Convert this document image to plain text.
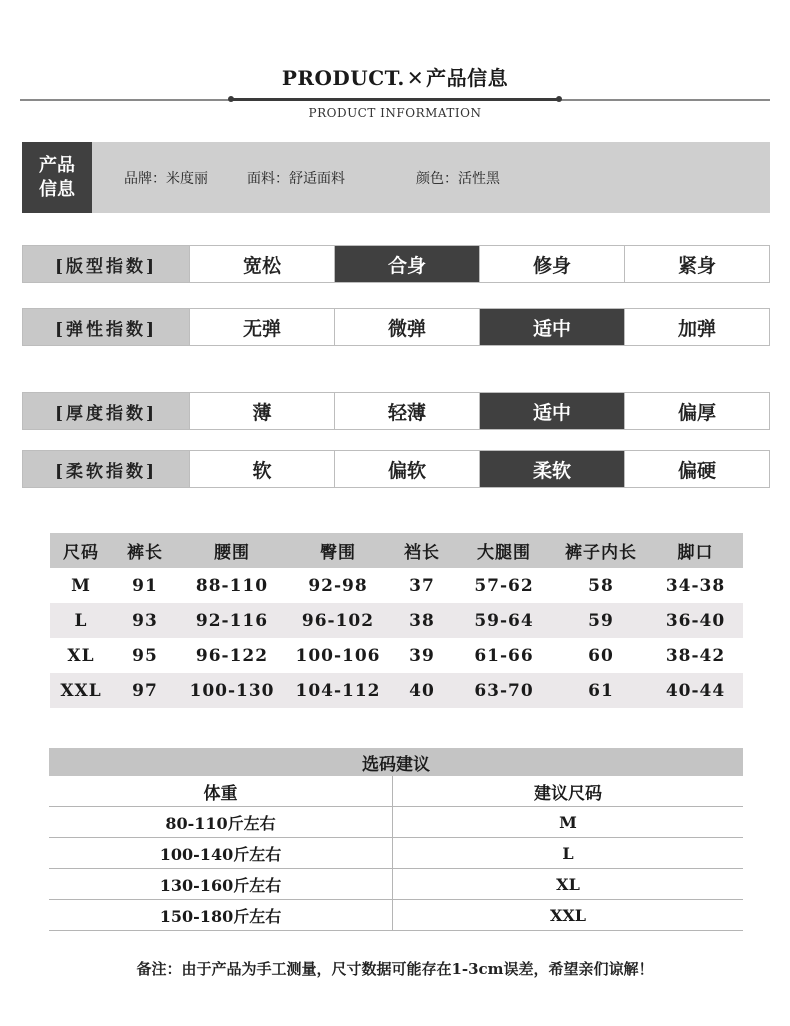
PRODUCT. ✕ 产品信息
PRODUCT INFORMATION
产品
信息	品牌：米度丽	面料：舒适面料	颜色：活性黑
[版型指数]	宽松	合身	修身	紧身
[弹性指数]	无弹	微弹	适中	加弹
[厚度指数]	薄	轻薄	适中	偏厚
[柔软指数]	软	偏软	柔软	偏硬
尺码	裤长	腰围	臀围	裆长	大腿围	裤子内长	脚口
M	91	88-110	92-98	37	57-62	58	34-38
L	93	92-116	96-102	38	59-64	59	36-40
XL	95	96-122	100-106	39	61-66	60	38-42
XXL	97	100-130	104-112	40	63-70	61	40-44
选码建议
体重	建议尺码
80-110斤左右	M
100-140斤左右	L
130-160斤左右	XL
150-180斤左右	XXL
备注：由于产品为手工测量，尺寸数据可能存在1-3cm误差，希望亲们谅解！
